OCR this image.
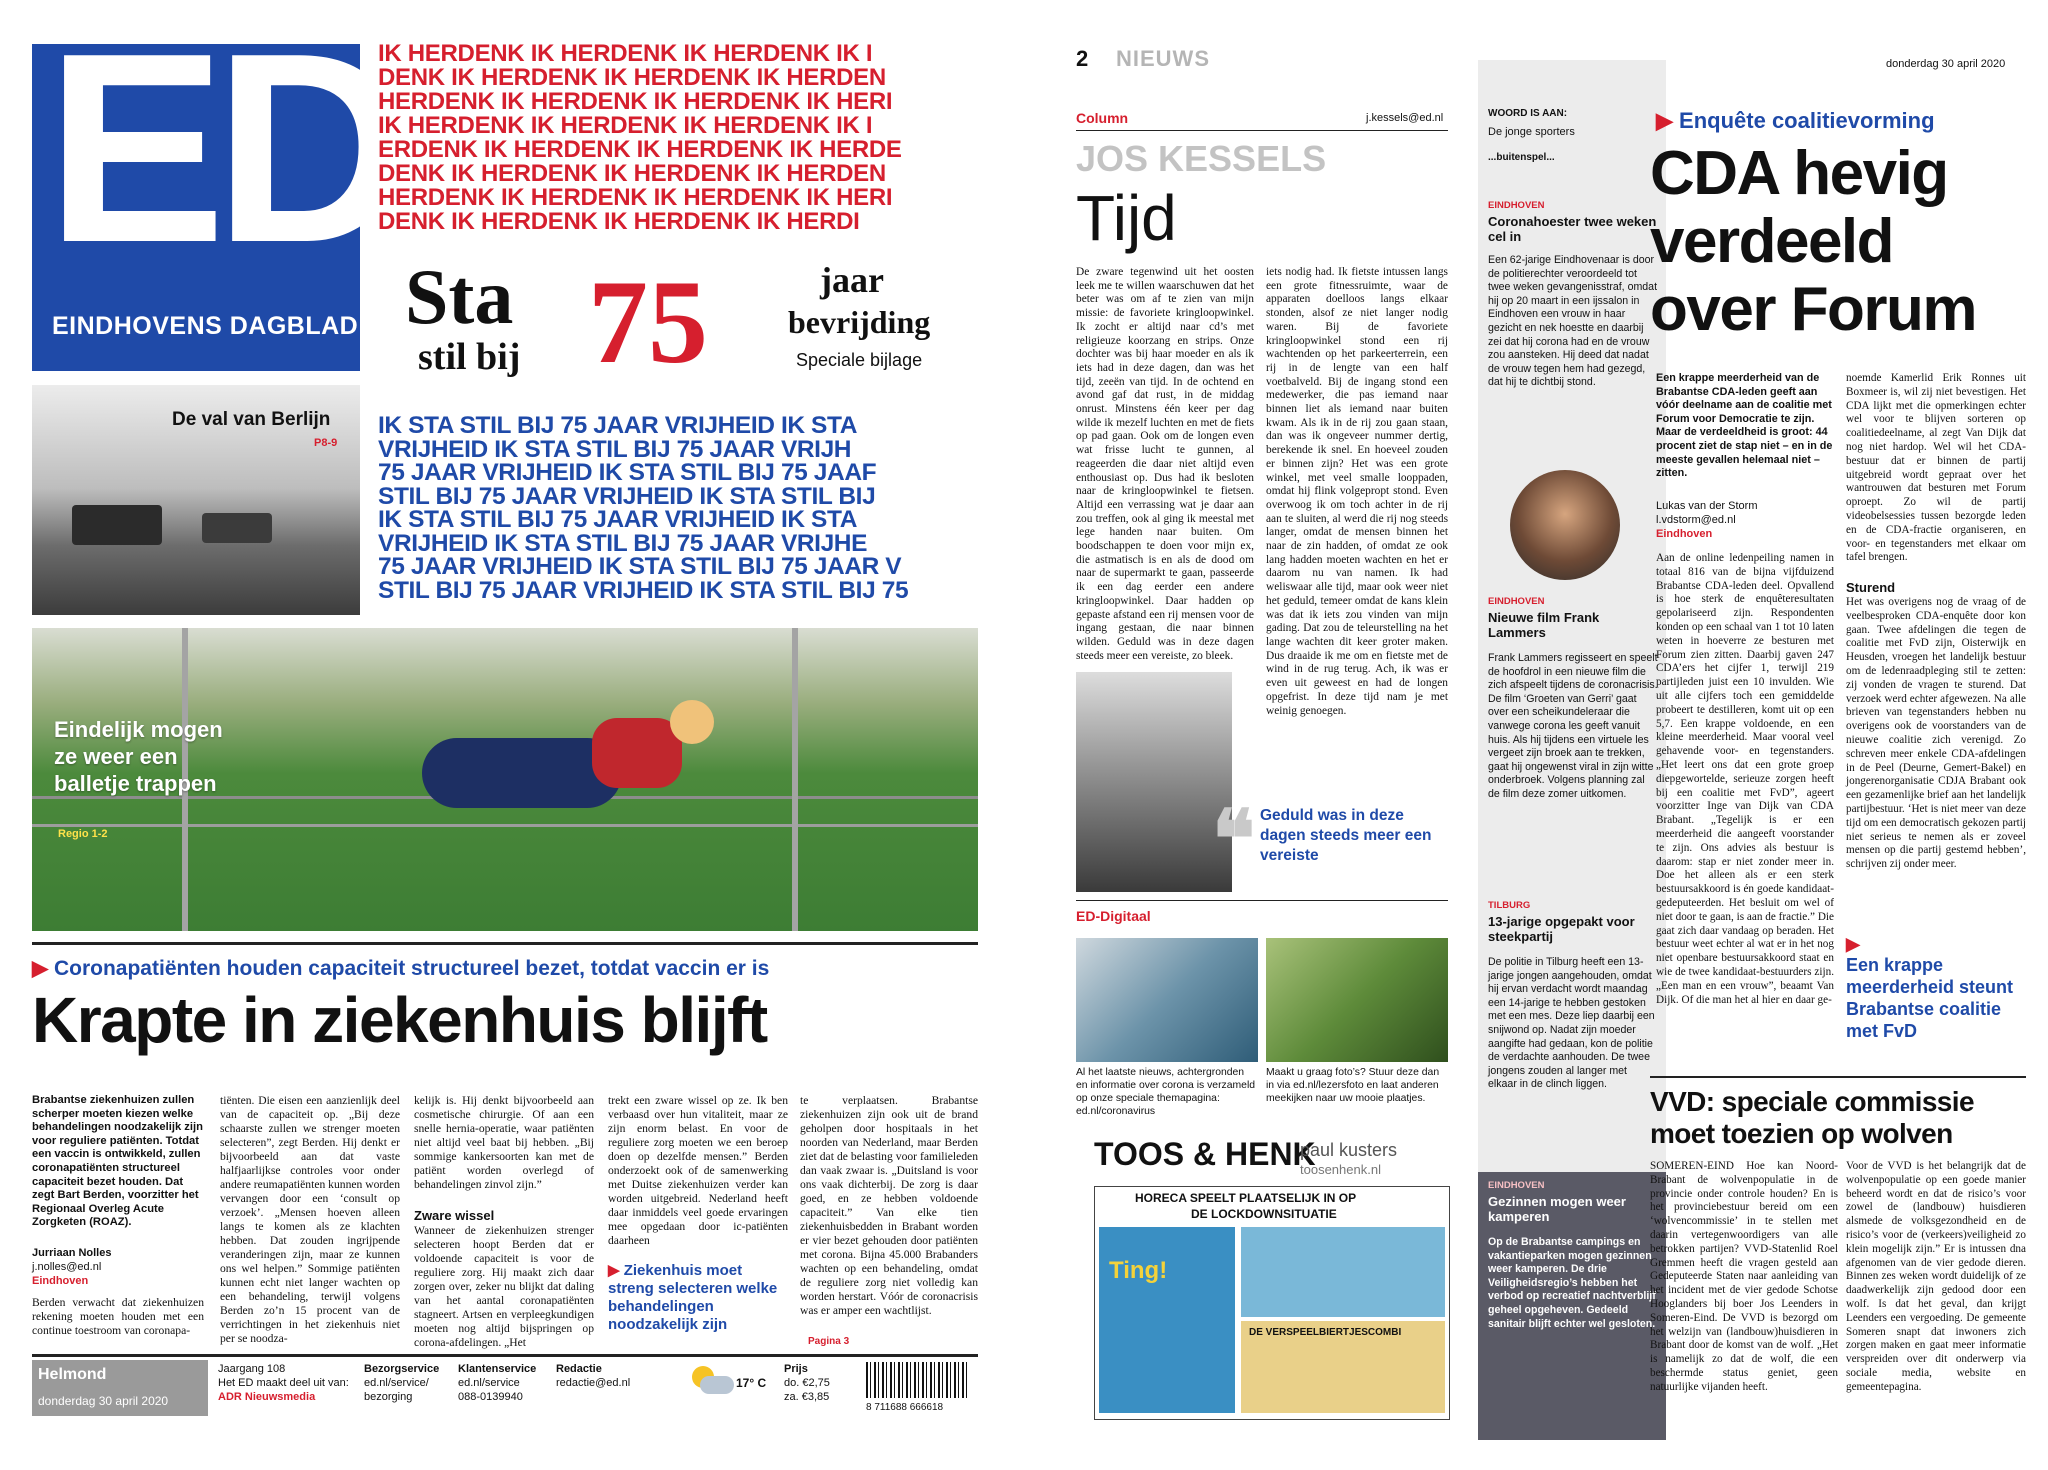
ED
EINDHOVENS DAGBLAD
IK HERDENK IK HERDENK IK HERDENK IK I
DENK IK HERDENK IK HERDENK IK HERDEN
HERDENK IK HERDENK IK HERDENK IK HERI
IK HERDENK IK HERDENK IK HERDENK IK I
ERDENK IK HERDENK IK HERDENK IK HERDE
DENK IK HERDENK IK HERDENK IK HERDEN
HERDENK IK HERDENK IK HERDENK IK HERI
DENK IK HERDENK IK HERDENK IK HERDI
Sta
stil bij 75	jaar
bevrijding
Speciale bijlage
De val van Berlijn
P8-9
IK STA STIL BIJ 75 JAAR VRIJHEID IK STA
VRIJHEID IK STA STIL BIJ 75 JAAR VRIJH
75 JAAR VRIJHEID IK STA STIL BIJ 75 JAAF
STIL BIJ 75 JAAR VRIJHEID IK STA STIL BIJ
IK STA STIL BIJ 75 JAAR VRIJHEID IK STA
VRIJHEID IK STA STIL BIJ 75 JAAR VRIJHE
75 JAAR VRIJHEID IK STA STIL BIJ 75 JAAR V
STIL BIJ 75 JAAR VRIJHEID IK STA STIL BIJ 75
Eindelijk mogen
ze weer een
balletje trappen
Regio 1-2
▶ Coronapatiënten houden capaciteit structureel bezet, totdat vaccin er is
Krapte in ziekenhuis blijft
Brabantse ziekenhuizen zullen scherper moeten kiezen welke behandelingen noodzakelijk zijn voor reguliere patiënten. Totdat een vaccin is ontwikkeld, zullen coronapatiënten structureel capaciteit bezet houden. Dat zegt Bart Berden, voorzitter het Regionaal Overleg Acute Zorgketen (ROAZ).
Jurriaan Nolles
j.nolles@ed.nl
Eindhoven
Berden verwacht dat ziekenhuizen rekening moeten houden met een continue toestroom van coronapa-
tiënten. Die eisen een aanzienlijk deel van de capaciteit op. „Bij deze schaarste zullen we strenger moeten selecteren”, zegt Berden. Hij denkt er bijvoorbeeld aan dat vaste halfjaarlijkse controles voor onder andere reumapatiënten kunnen worden vervangen door een ‘consult op verzoek’. „Mensen hoeven alleen langs te komen als ze klachten hebben. Dat zouden ingrijpende veranderingen zijn, maar ze kunnen ons wel helpen.” Sommige patiënten kunnen echt niet langer wachten op een behandeling, terwijl volgens Berden zo’n 15 procent van de verrichtingen in het ziekenhuis niet per se noodza-
kelijk is. Hij denkt bijvoorbeeld aan cosmetische chirurgie. Of aan een snelle hernia-operatie, waar patiënten niet altijd veel baat bij hebben. „Bij sommige kankersoorten kan met de patiënt worden overlegd of behandelingen zinvol zijn.”
Zware wissel
Wanneer de ziekenhuizen strenger selecteren hoopt Berden dat er voldoende capaciteit is voor de reguliere zorg. Hij maakt zich daar zorgen over, zeker nu blijkt dat daling van het aantal coronapatiënten stagneert. Artsen en verpleegkundigen moeten nog altijd bijspringen op corona-afdelingen. „Het
trekt een zware wissel op ze. Ik ben verbaasd over hun vitaliteit, maar ze zijn enorm belast. En voor de reguliere zorg moeten we een beroep doen op dezelfde mensen.” Berden onderzoekt ook of de samenwerking met Duitse ziekenhuizen verder kan worden uitgebreid. Nederland heeft daar inmiddels veel goede ervaringen mee opgedaan door ic-patiënten daarheen
▶ Ziekenhuis moet streng selecteren welke behandelingen noodzakelijk zijn
Pagina 3
te verplaatsen. Brabantse ziekenhuizen zijn ook uit de brand geholpen door hospitaals in het noorden van Nederland, maar Berden ziet dat de belasting voor familieleden dan vaak zwaar is. „Duitsland is voor ons vaak dichterbij. De zorg is daar goed, en ze hebben voldoende capaciteit.” Van elke tien ziekenhuisbedden in Brabant worden er vier bezet gehouden door patiënten met corona. Bijna 45.000 Brabanders wachten op een behandeling, omdat de reguliere zorg niet volledig kan worden herstart. Vóór de coronacrisis was er amper een wachtlijst.
Helmond
donderdag 30 april 2020
Jaargang 108
Het ED maakt deel uit van:
ADR Nieuwsmedia
Bezorgservice
ed.nl/service/
bezorging
Klantenservice
ed.nl/service
088-0139940
Redactie
redactie@ed.nl	17° C
Prijs
do. €2,75
za. €3,85
8 711688 666618
2 NIEUWS	donderdag 30 april 2020
Column	j.kessels@ed.nl
JOS KESSELS
Tijd
De zware tegenwind uit het oosten leek me te willen waarschuwen dat het beter was om af te zien van mijn missie: de favoriete kringloopwinkel. Ik zocht er altijd naar cd’s met religieuze koorzang en strips. Onze dochter was bij haar moeder en als ik iets had in deze dagen, dan was het tijd, zeeën van tijd. In de ochtend en avond gaf dat rust, in de middag onrust. Minstens één keer per dag wilde ik mezelf luchten en met de fiets op pad gaan. Ook om de longen even wat frisse lucht te gunnen, al reageerden die daar niet altijd even enthousiast op. Dus had ik besloten naar de kringloopwinkel te fietsen. Altijd een verrassing wat je daar aan zou treffen, ook al ging ik meestal met lege handen naar buiten. Om boodschappen te doen voor mijn ex, die astmatisch is en als de dood om naar de supermarkt te gaan, passeerde ik een dag eerder een andere kringloopwinkel. Daar hadden op gepaste afstand een rij mensen voor de ingang gestaan, die naar binnen wilden. Geduld was in deze dagen steeds meer een vereiste, zo bleek.
iets nodig had. Ik fietste intussen langs een grote fitnessruimte, waar de apparaten doelloos langs elkaar stonden, alsof ze niet langer nodig waren. Bij de favoriete kringloopwinkel stond een rij wachtenden op het parkeerterrein, een rij in de lengte van een half voetbalveld. Bij de ingang stond een medewerker, die pas iemand naar binnen liet als iemand naar buiten kwam. Als ik in de rij zou gaan staan, dan was ik ongeveer nummer dertig, berekende ik snel. En hoeveel zouden er binnen zijn? Het was een grote winkel, met veel smalle looppaden, omdat hij flink volgepropt stond. Even overwoog ik om toch achter in de rij aan te sluiten, al werd die rij nog steeds langer, omdat de mensen binnen het naar de zin hadden, of omdat ze ook lang hadden moeten wachten en het er daarom nu van namen. Ik had weliswaar alle tijd, maar ook weer niet het geduld, temeer omdat de kans klein was dat ik iets zou vinden van mijn gading. Dat zou de teleurstelling na het lange wachten dit keer groter maken. Dus draaide ik me om en fietste met de wind in de rug terug. Ach, ik was er even uit geweest en had de longen opgefrist. In deze tijd nam je met weinig genoegen.
❝ Geduld was in deze dagen steeds meer een vereiste
ED-Digitaal
Al het laatste nieuws, achtergronden en informatie over corona is verzameld op onze speciale themapagina: ed.nl/coronavirus
Maakt u graag foto’s? Stuur deze dan in via ed.nl/lezersfoto en laat anderen meekijken naar uw mooie plaatjes.
TOOS & HENK
paul kusters
toosenhenk.nl
HORECA SPEELT PLAATSELIJK IN OP
DE LOCKDOWNSITUATIE
Ting!
DE VERSPEELBIERTJESCOMBI
WOORD IS AAN:
De jonge sporters
...buitenspel...
EINDHOVEN
Coronahoester twee weken cel in
Een 62-jarige Eindhovenaar is door de politierechter veroordeeld tot twee weken gevangenisstraf, omdat hij op 20 maart in een ijssalon in Eindhoven een vrouw in haar gezicht en nek hoestte en daarbij zei dat hij corona had en de vrouw zou aansteken. Hij deed dat nadat de vrouw tegen hem had gezegd, dat hij te dichtbij stond.
EINDHOVEN
Nieuwe film Frank Lammers
Frank Lammers regisseert en speelt de hoofdrol in een nieuwe film die zich afspeelt tijdens de coronacrisis. De film ‘Groeten van Gerri’ gaat over een scheikundeleraar die vanwege corona les geeft vanuit huis. Als hij tijdens een virtuele les vergeet zijn broek aan te trekken, gaat hij ongewenst viral in zijn witte onderbroek. Volgens planning zal de film deze zomer uitkomen.
TILBURG
13-jarige opgepakt voor steekpartij
De politie in Tilburg heeft een 13-jarige jongen aangehouden, omdat hij ervan verdacht wordt maandag een 14-jarige te hebben gestoken met een mes. Deze liep daarbij een snijwond op. Nadat zijn moeder aangifte had gedaan, kon de politie de verdachte aanhouden. De twee jongens zouden al langer met elkaar in de clinch liggen.
EINDHOVEN
Gezinnen mogen weer kamperen
Op de Brabantse campings en vakantieparken mogen gezinnen weer kamperen. De drie Veiligheidsregio’s hebben het verbod op recreatief nachtverblijf geheel opgeheven. Gedeeld sanitair blijft echter wel gesloten.
▶ Enquête coalitievorming
CDA hevig
verdeeld
over Forum
Een krappe meerderheid van de Brabantse CDA-leden geeft aan vóór deelname aan de coalitie met Forum voor Democratie te zijn. Maar de verdeeldheid is groot: 44 procent ziet de stap niet – en in de meeste gevallen helemaal niet – zitten.
Lukas van der Storm
l.vdstorm@ed.nl
Eindhoven
Aan de online ledenpeiling namen in totaal 816 van de bijna vijfduizend Brabantse CDA-leden deel. Opvallend is hoe sterk de enquêteresultaten gepolariseerd zijn. Respondenten konden op een schaal van 1 tot 10 laten weten in hoeverre ze besturen met Forum zien zitten. Daarbij gaven 247 CDA’ers het cijfer 1, terwijl 219 partijleden juist een 10 invulden. Wie uit alle cijfers toch een gemiddelde probeert te destilleren, komt uit op een 5,7. Een krappe voldoende, en een kleine meerderheid. Maar vooral veel gehavende voor- en tegenstanders. „Het leert ons dat een grote groep diepgewortelde, serieuze zorgen heeft bij een coalitie met FvD”, ageert voorzitter Inge van Dijk van CDA Brabant. „Tegelijk is er een meerderheid die aangeeft voorstander te zijn. Ons advies als bestuur is daarom: stap er niet zonder meer in. Doe het alleen als er een sterk bestuursakkoord is én goede kandidaat-gedeputeerden. Het besluit om wel of niet door te gaan, is aan de fractie.” Die gaat zich daar vandaag op beraden. Het bestuur weet echter al wat er in het nog niet openbare bestuursakkoord staat en wie de twee kandidaat-bestuurders zijn. „Een man en een vrouw”, beaamt Van Dijk. Of die man het al hier en daar ge-
noemde Kamerlid Erik Ronnes uit Boxmeer is, wil zij niet bevestigen. Het CDA lijkt met die opmerkingen echter wel voor te blijven sorteren op coalitiedeelname, al zegt Van Dijk dat nog niet hardop. Wel wil het CDA-bestuur dat er binnen de partij uitgebreid wordt gepraat over het wantrouwen dat besturen met Forum oproept. Zo wil de partij videobelsessies tussen bezorgde leden en de CDA-fractie organiseren, en voor- en tegenstanders met elkaar om tafel brengen.
Sturend
Het was overigens nog de vraag of de veelbesproken CDA-enquête door kon gaan. Twee afdelingen die tegen de coalitie met FvD zijn, Oisterwijk en Heusden, vroegen het landelijk bestuur om de ledenraadpleging stil te zetten: zij vonden de vragen te sturend. Dat verzoek werd echter afgewezen. Na alle brieven van tegenstanders hebben nu overigens ook de voorstanders van de nieuwe coalitie zich verenigd. Zo schreven meer enkele CDA-afdelingen in de Peel (Deurne, Gemert-Bakel) en jongerenorganisatie CDJA Brabant ook een gezamenlijke brief aan het landelijk partijbestuur. ‘Het is niet meer van deze tijd om een democratisch gekozen partij niet serieus te nemen als er zoveel mensen op die partij gestemd hebben’, schrijven zij onder meer.
▶
Een krappe meerderheid steunt Brabantse coalitie met FvD
VVD: speciale commissie moet toezien op wolven
SOMEREN-EIND Hoe kan Noord-Brabant de wolvenpopulatie in de provincie onder controle houden? En is het provinciebestuur bereid om een ‘wolvencommissie’ in te stellen met daarin vertegenwoordigers van alle betrokken partijen? VVD-Statenlid Roel Gremmen heeft die vragen gesteld aan Gedeputeerde Staten naar aanleiding van het incident met de vier gedode Schotse Hooglanders bij boer Jos Leenders in Someren-Eind. De VVD is bezorgd om het welzijn van (landbouw)huisdieren in Brabant door de komst van de wolf. „Het is namelijk zo dat de wolf, die een beschermde status geniet, geen natuurlijke vijanden heeft.
Voor de VVD is het belangrijk dat de wolvenpopulatie op een goede manier beheerd wordt en dat de risico’s voor zowel de (landbouw) huisdieren alsmede de volksgezondheid en de risico’s voor de (verkeers)veiligheid zo klein mogelijk zijn.” Er is intussen dna afgenomen van de vier gedode dieren. Binnen zes weken wordt duidelijk of ze daadwerkelijk zijn gedood door een wolf. Is dat het geval, dan krijgt Leenders een vergoeding. De gemeente Someren snapt dat inwoners zich zorgen maken en gaat meer informatie verspreiden over dit onderwerp via sociale media, website en gemeentepagina.
